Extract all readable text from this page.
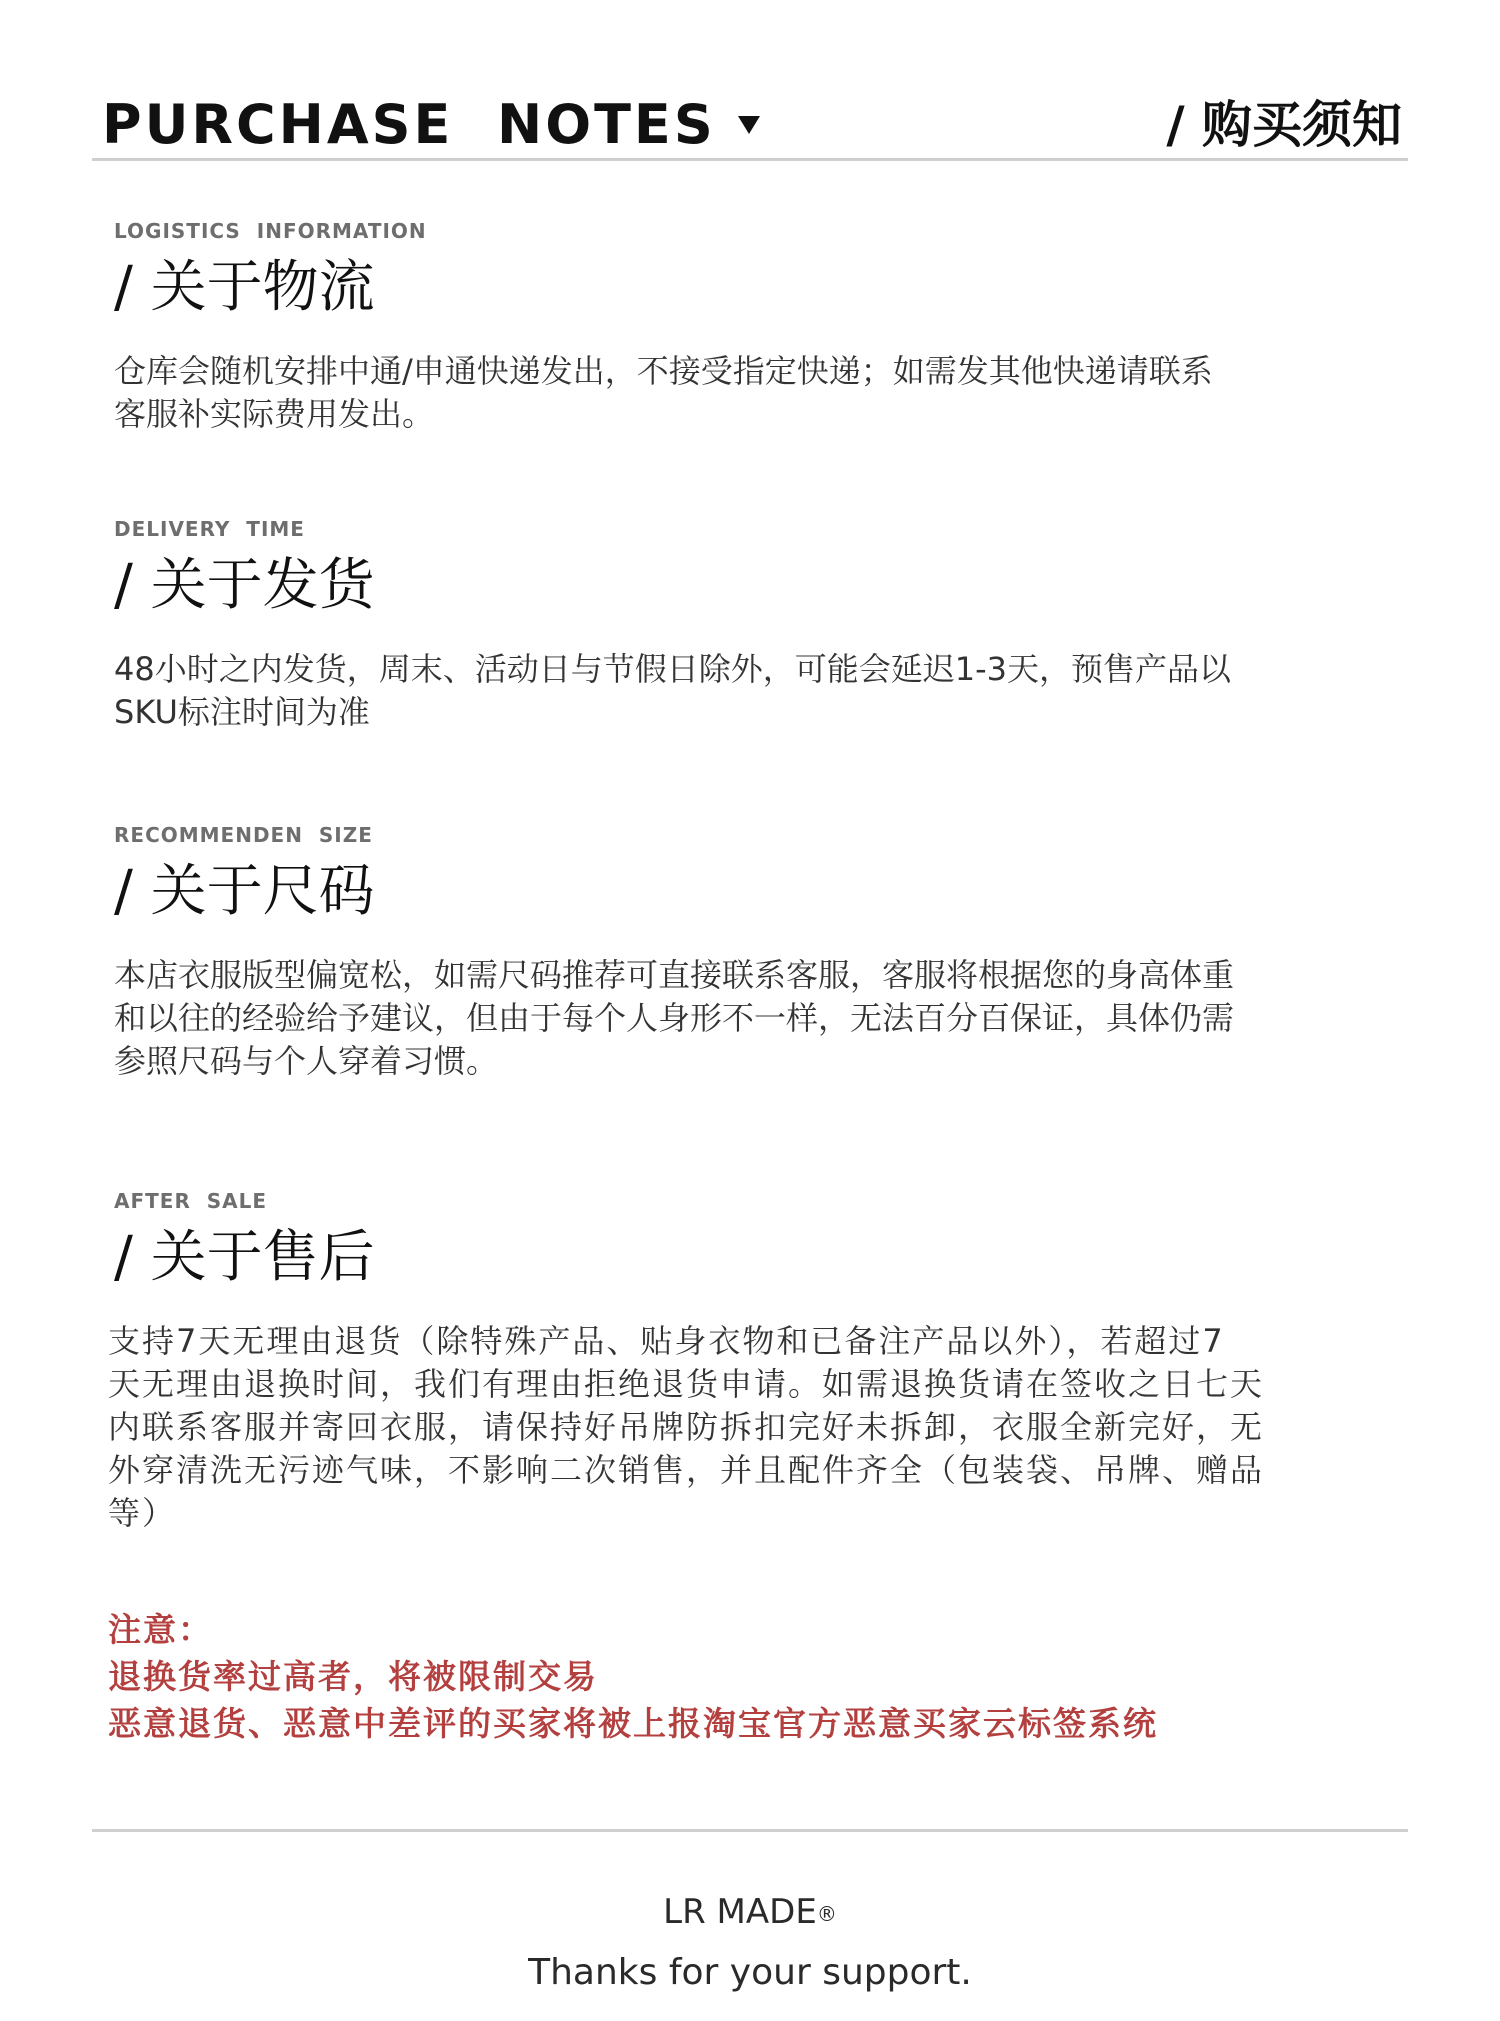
PURCHASE  NOTES	/ 购买须知
LOGISTICS  INFORMATION
/ 关于物流
仓库会随机安排中通/申通快递发出，不接受指定快递；如需发其他快递请联系
客服补实际费用发出。
DELIVERY  TIME
/ 关于发货
48小时之内发货，周末、活动日与节假日除外，可能会延迟1-3天，预售产品以
SKU标注时间为准
RECOMMENDEN  SIZE
/ 关于尺码
本店衣服版型偏宽松，如需尺码推荐可直接联系客服，客服将根据您的身高体重
和以往的经验给予建议，但由于每个人身形不一样，无法百分百保证，具体仍需
参照尺码与个人穿着习惯。
AFTER  SALE
/ 关于售后
支持7天无理由退货（除特殊产品、贴身衣物和已备注产品以外），若超过7
天无理由退换时间，我们有理由拒绝退货申请。如需退换货请在签收之日七天
内联系客服并寄回衣服，请保持好吊牌防拆扣完好未拆卸，衣服全新完好，无
外穿清洗无污迹气味，不影响二次销售，并且配件齐全（包装袋、吊牌、赠品
等）
注意：
退换货率过高者，将被限制交易
恶意退货、恶意中差评的买家将被上报淘宝官方恶意买家云标签系统
LR MADE®
Thanks for your support.
